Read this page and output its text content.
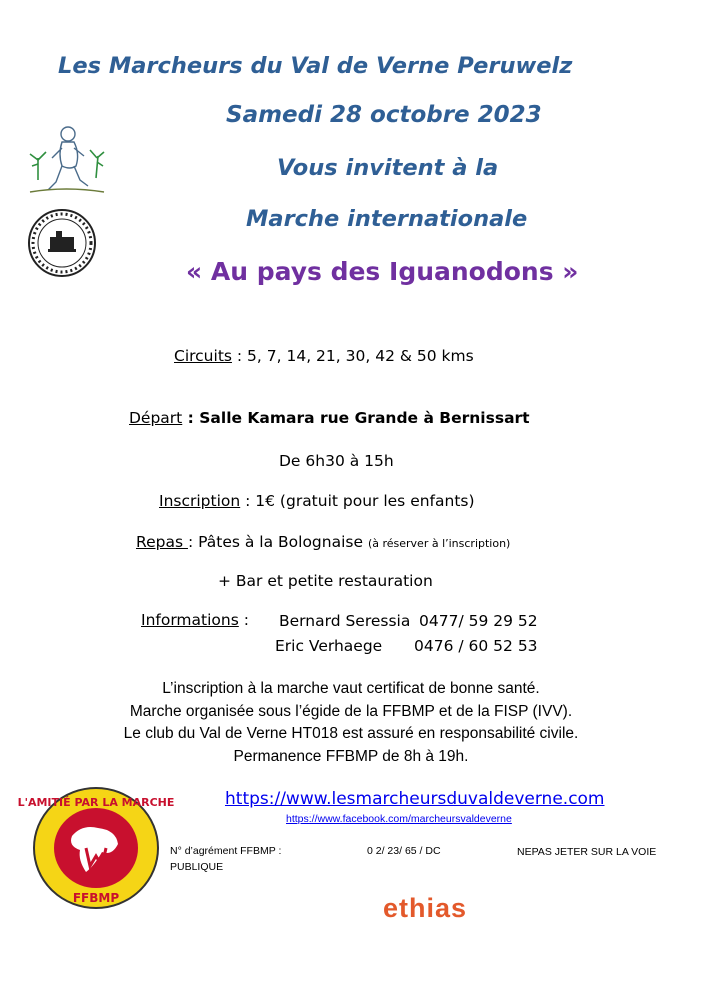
Les Marcheurs du Val de Verne Peruwelz
Samedi 28 octobre 2023
Vous invitent à la
Marche internationale
« Au pays des Iguanodons »
Circuits : 5, 7, 14, 21, 30, 42 & 50 kms
Départ : Salle Kamara rue Grande à Bernissart
De 6h30 à 15h
Inscription : 1€ (gratuit pour les enfants)
Repas : Pâtes à la Bolognaise (à réserver à l’inscription)
+ Bar et petite restauration
Informations : Bernard Seressia 0477/ 59 29 52
Eric Verhaege 0476 / 60 52 53
L’inscription à la marche vaut certificat de bonne santé.
Marche organisée sous l’égide de la FFBMP et de la FISP (IVV).
Le club du Val de Verne HT018 est assuré en responsabilité civile.
Permanence FFBMP de 8h à 19h.
L'AMITIÉ PAR LA MARCHE
FFBMP
https://www.lesmarcheursduvaldeverne.com
https://www.facebook.com/marcheursvaldeverne
N° d’agrément FFBMP :	0 2/ 23/ 65 / DC	NEPAS JETER SUR LA VOIE
PUBLIQUE
ethias
